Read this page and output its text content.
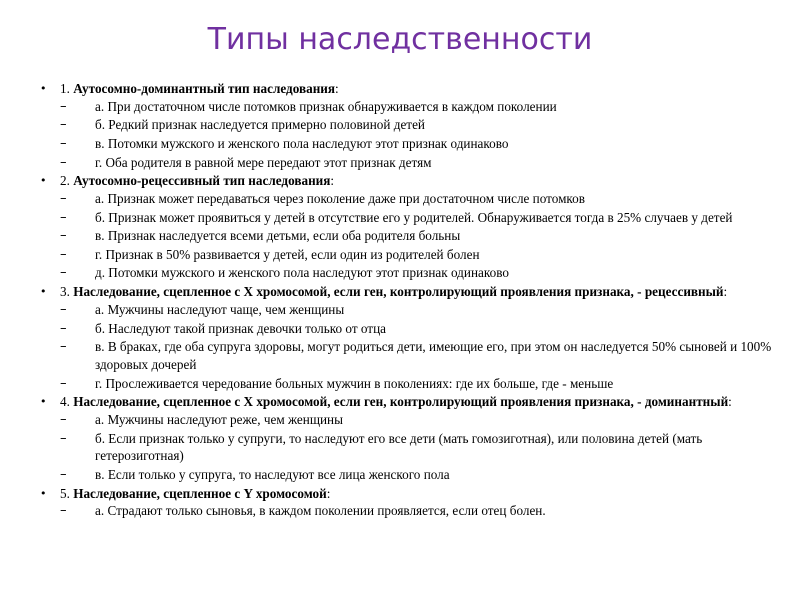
Типы наследственности
• 1. Аутосомно-доминантный тип наследования:
– а. При достаточном числе потомков признак обнаруживается в каждом поколении
– б. Редкий признак наследуется примерно половиной детей
– в. Потомки мужского и женского пола наследуют этот признак одинаково
– г. Оба родителя в равной мере передают этот признак детям
• 2. Аутосомно-рецессивный тип наследования:
– а. Признак может передаваться через поколение даже при достаточном числе потомков
– б. Признак может проявиться у детей в отсутствие его у родителей. Обнаруживается тогда в 25% случаев у детей
– в. Признак наследуется всеми детьми, если оба родителя больны
– г. Признак в 50% развивается у детей, если один из родителей болен
– д. Потомки мужского и женского пола наследуют этот признак одинаково
• 3. Наследование, сцепленное с X хромосомой, если ген, контролирующий проявления признака, - рецессивный:
– а. Мужчины наследуют чаще, чем женщины
– б. Наследуют такой признак девочки только от отца
– в. В браках, где оба супруга здоровы, могут родиться дети, имеющие его, при этом он наследуется 50% сыновей и 100% здоровых дочерей
– г. Прослеживается чередование больных мужчин в поколениях: где их больше, где - меньше
• 4. Наследование, сцепленное с X хромосомой, если ген, контролирующий проявления признака, - доминантный:
– а. Мужчины наследуют реже, чем женщины
– б. Если признак только у супруги, то наследуют его все дети (мать гомозиготная), или половина детей (мать гетерозиготная)
– в. Если только у супруга, то наследуют все лица женского пола
• 5. Наследование, сцепленное с Y хромосомой:
– а. Страдают только сыновья, в каждом поколении проявляется, если отец болен.
